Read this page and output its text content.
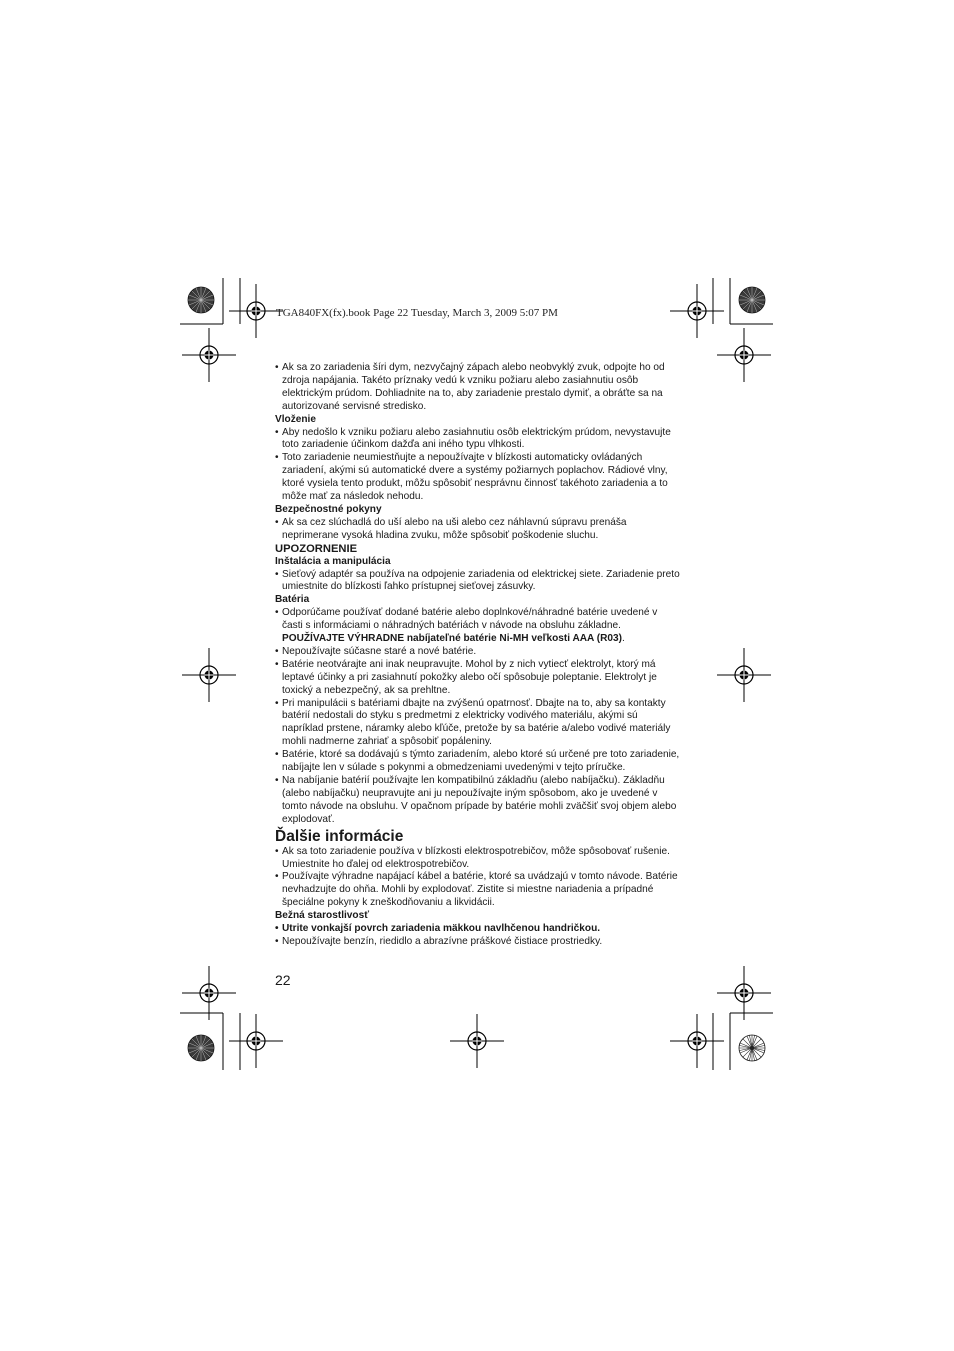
TGA840FX(fx).book Page 22 Tuesday, March 3, 2009 5:07 PM

• Ak sa zo zariadenia šíri dym, nezvyčajný zápach alebo neobvyklý zvuk, odpojte ho od zdroja napájania. Takéto príznaky vedú k vzniku požiaru alebo zasiahnutiu osôb elektrickým prúdom. Dohliadnite na to, aby zariadenie prestalo dymiť, a obráťte sa na autorizované servisné stredisko.

Vloženie

• Aby nedošlo k vzniku požiaru alebo zasiahnutiu osôb elektrickým prúdom, nevystavujte toto zariadenie účinkom dažďa ani iného typu vlhkosti.

• Toto zariadenie neumiestňujte a nepoužívajte v blízkosti automaticky ovládaných zariadení, akými sú automatické dvere a systémy požiarnych poplachov. Rádiové vlny, ktoré vysiela tento produkt, môžu spôsobiť nesprávnu činnosť takéhoto zariadenia a to môže mať za následok nehodu.

Bezpečnostné pokyny

• Ak sa cez slúchadlá do uší alebo na uši alebo cez náhlavnú súpravu prenáša neprimerane vysoká hladina zvuku, môže spôsobiť poškodenie sluchu.

UPOZORNENIE

Inštalácia a manipulácia

• Sieťový adaptér sa používa na odpojenie zariadenia od elektrickej siete. Zariadenie preto umiestnite do blízkosti ľahko prístupnej sieťovej zásuvky.

Batéria

• Odporúčame používať dodané batérie alebo doplnkové/náhradné batérie uvedené v časti s informáciami o náhradných batériách v návode na obsluhu základne. POUŽÍVAJTE VÝHRADNE nabíjateľné batérie Ni-MH veľkosti AAA (R03).

• Nepoužívajte súčasne staré a nové batérie.

• Batérie neotvárajte ani inak neupravujte. Mohol by z nich vytiecť elektrolyt, ktorý má leptavé účinky a pri zasiahnutí pokožky alebo očí spôsobuje poleptanie. Elektrolyt je toxický a nebezpečný, ak sa prehltne.

• Pri manipulácii s batériami dbajte na zvýšenú opatrnosť. Dbajte na to, aby sa kontakty batérií nedostali do styku s predmetmi z elektricky vodivého materiálu, akými sú napríklad prstene, náramky alebo kľúče, pretože by sa batérie a/alebo vodivé materiály mohli nadmerne zahriať a spôsobiť popáleniny.

• Batérie, ktoré sa dodávajú s týmto zariadením, alebo ktoré sú určené pre toto zariadenie, nabíjajte len v súlade s pokynmi a obmedzeniami uvedenými v tejto príručke.

• Na nabíjanie batérií používajte len kompatibilnú základňu (alebo nabíjačku). Základňu (alebo nabíjačku) neupravujte ani ju nepoužívajte iným spôsobom, ako je uvedené v tomto návode na obsluhu. V opačnom prípade by batérie mohli zväčšiť svoj objem alebo explodovať.

Ďalšie informácie

• Ak sa toto zariadenie používa v blízkosti elektrospotrebičov, môže spôsobovať rušenie. Umiestnite ho ďalej od elektrospotrebičov.

• Používajte výhradne napájací kábel a batérie, ktoré sa uvádzajú v tomto návode. Batérie nevhadzujte do ohňa. Mohli by explodovať. Zistite si miestne nariadenia a prípadné špeciálne pokyny k zneškodňovaniu a likvidácii.

Bežná starostlivosť

• Utrite vonkajší povrch zariadenia mäkkou navlhčenou handričkou.

• Nepoužívajte benzín, riedidlo a abrazívne práškové čistiace prostriedky.

22
